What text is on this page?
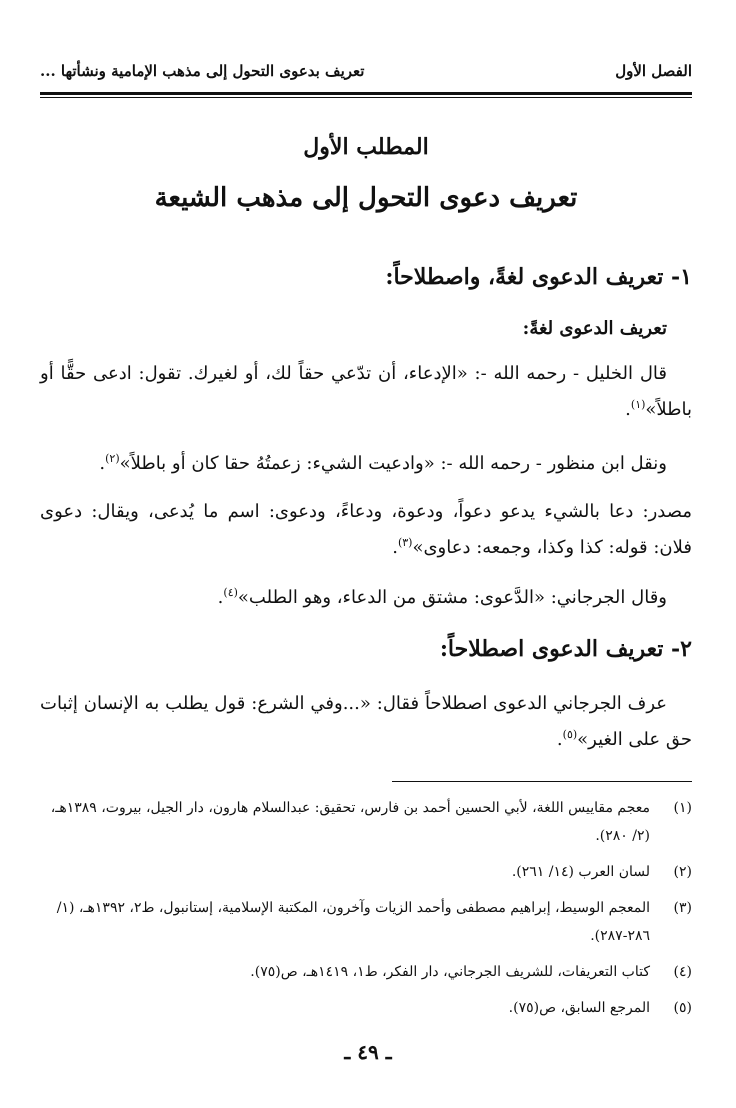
الفصل الأول
تعريف بدعوى التحول إلى مذهب الإمامية ونشأتها ...
المطلب الأول
تعريف دعوى التحول إلى مذهب الشيعة
١- تعريف الدعوى لغةً، واصطلاحاً:
تعريف الدعوى لغةً:
قال الخليل - رحمه الله -: «الإدعاء، أن تدّعي حقاً لك، أو لغيرك. تقول: ادعى حقًّا أو باطلاً»$^{(١)}$.
ونقل ابن منظور - رحمه الله -: «وادعيت الشيء: زعمتُهُ حقا كان أو باطلاً»$^{(٢)}$.
مصدر: دعا بالشيء يدعو دعواً، ودعوة، ودعاءً، ودعوى: اسم ما يُدعى، ويقال: دعوى فلان: قوله: كذا وكذا، وجمعه: دعاوى»$^{(٣)}$.
وقال الجرجاني: «الدَّعوى: مشتق من الدعاء، وهو الطلب»$^{(٤)}$.
٢- تعريف الدعوى اصطلاحاً:
عرف الجرجاني الدعوى اصطلاحاً فقال: «...وفي الشرع: قول يطلب به الإنسان إثبات حق على الغير»$^{(٥)}$.
(١)
معجم مقاييس اللغة، لأبي الحسين أحمد بن فارس، تحقيق: عبدالسلام هارون، دار الجيل، بيروت، ١٣٨٩هـ، (٢/ ٢٨٠).
(٢)
لسان العرب (١٤/ ٢٦١).
(٣)
المعجم الوسيط، إبراهيم مصطفى وأحمد الزيات وآخرون، المكتبة الإسلامية، إستانبول، ط٢، ١٣٩٢هـ، (١/ ٢٨٦-٢٨٧).
(٤)
كتاب التعريفات، للشريف الجرجاني، دار الفكر، ط١، ١٤١٩هـ، ص(٧٥).
(٥)
المرجع السابق، ص(٧٥).
ـ ٤٩ ـ
